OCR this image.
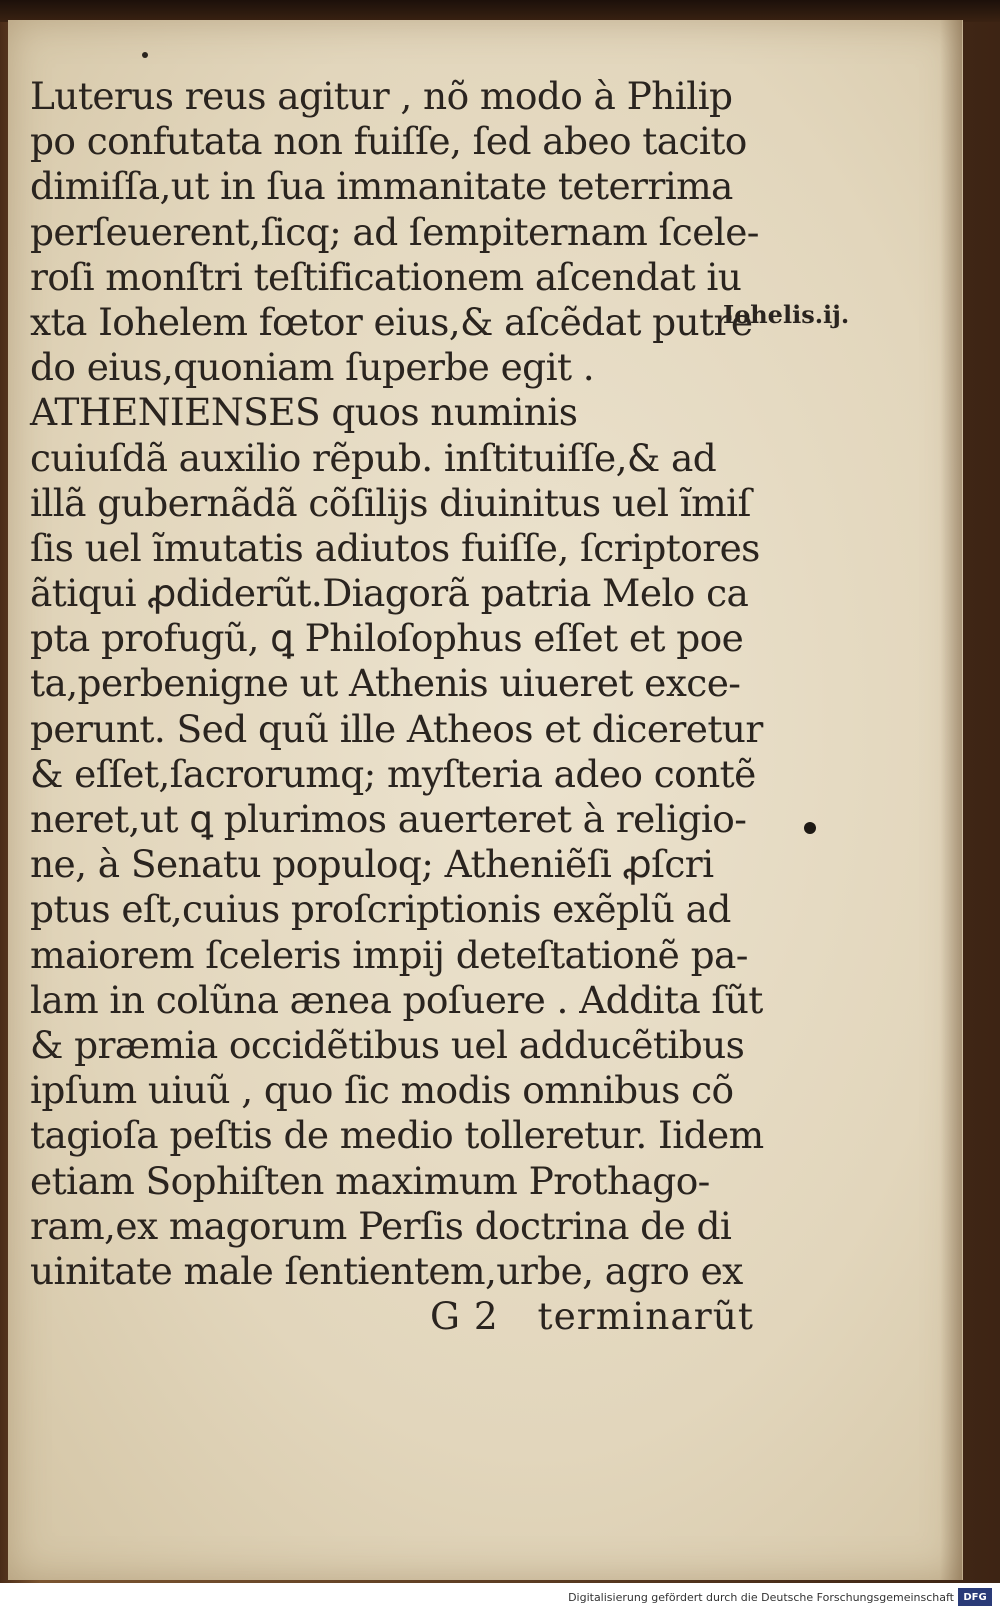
Luterus reus agitur , nõ modo à Philip
po confutata non fuiſſe, ſed abeo tacito
dimiſſa,ut in ſua immanitate teterrima
perſeuerent,ſicq; ad ſempiternam ſcele-
roſi monſtri teſtificationem aſcendat iu
xta Iohelem fœtor eius,& aſcẽdat putre
do eius,quoniam ſuperbe egit .
ATHENIENSES quos numinis
cuiuſdã auxilio rẽpub. inſtituiſſe,& ad
illã gubernãdã cõſilijs diuinitus uel ĩmiſ
ſis uel ĩmutatis adiutos fuiſſe, ſcriptores
ãtiqui ꝓdiderũt.Diagorã patria Melo ca
pta profugũ, ꝗ Philoſophus eſſet et poe
ta,perbenigne ut Athenis uiueret exce-
perunt. Sed quũ ille Atheos et diceretur
& eſſet,ſacrorumq; myſteria adeo contẽ
neret,ut ꝗ plurimos auerteret à religio-
ne, à Senatu populoq; Atheniẽſi ꝓſcri
ptus eſt,cuius proſcriptionis exẽplũ ad
maiorem ſceleris impij deteſtationẽ pa-
lam in colũna ænea poſuere . Addita ſũt
& præmia occidẽtibus uel adducẽtibus
ipſum uiuũ , quo ſic modis omnibus cõ
tagioſa peſtis de medio tolleretur. Iidem
etiam Sophiſten maximum Prothago-
ram,ex magorum Perſis doctrina de di
uinitate male ſentientem,urbe, agro ex
G 2 terminarũt
Iohelis.ij.
Digitalisierung gefördert durch die Deutsche Forschungsgemeinschaft DFG
